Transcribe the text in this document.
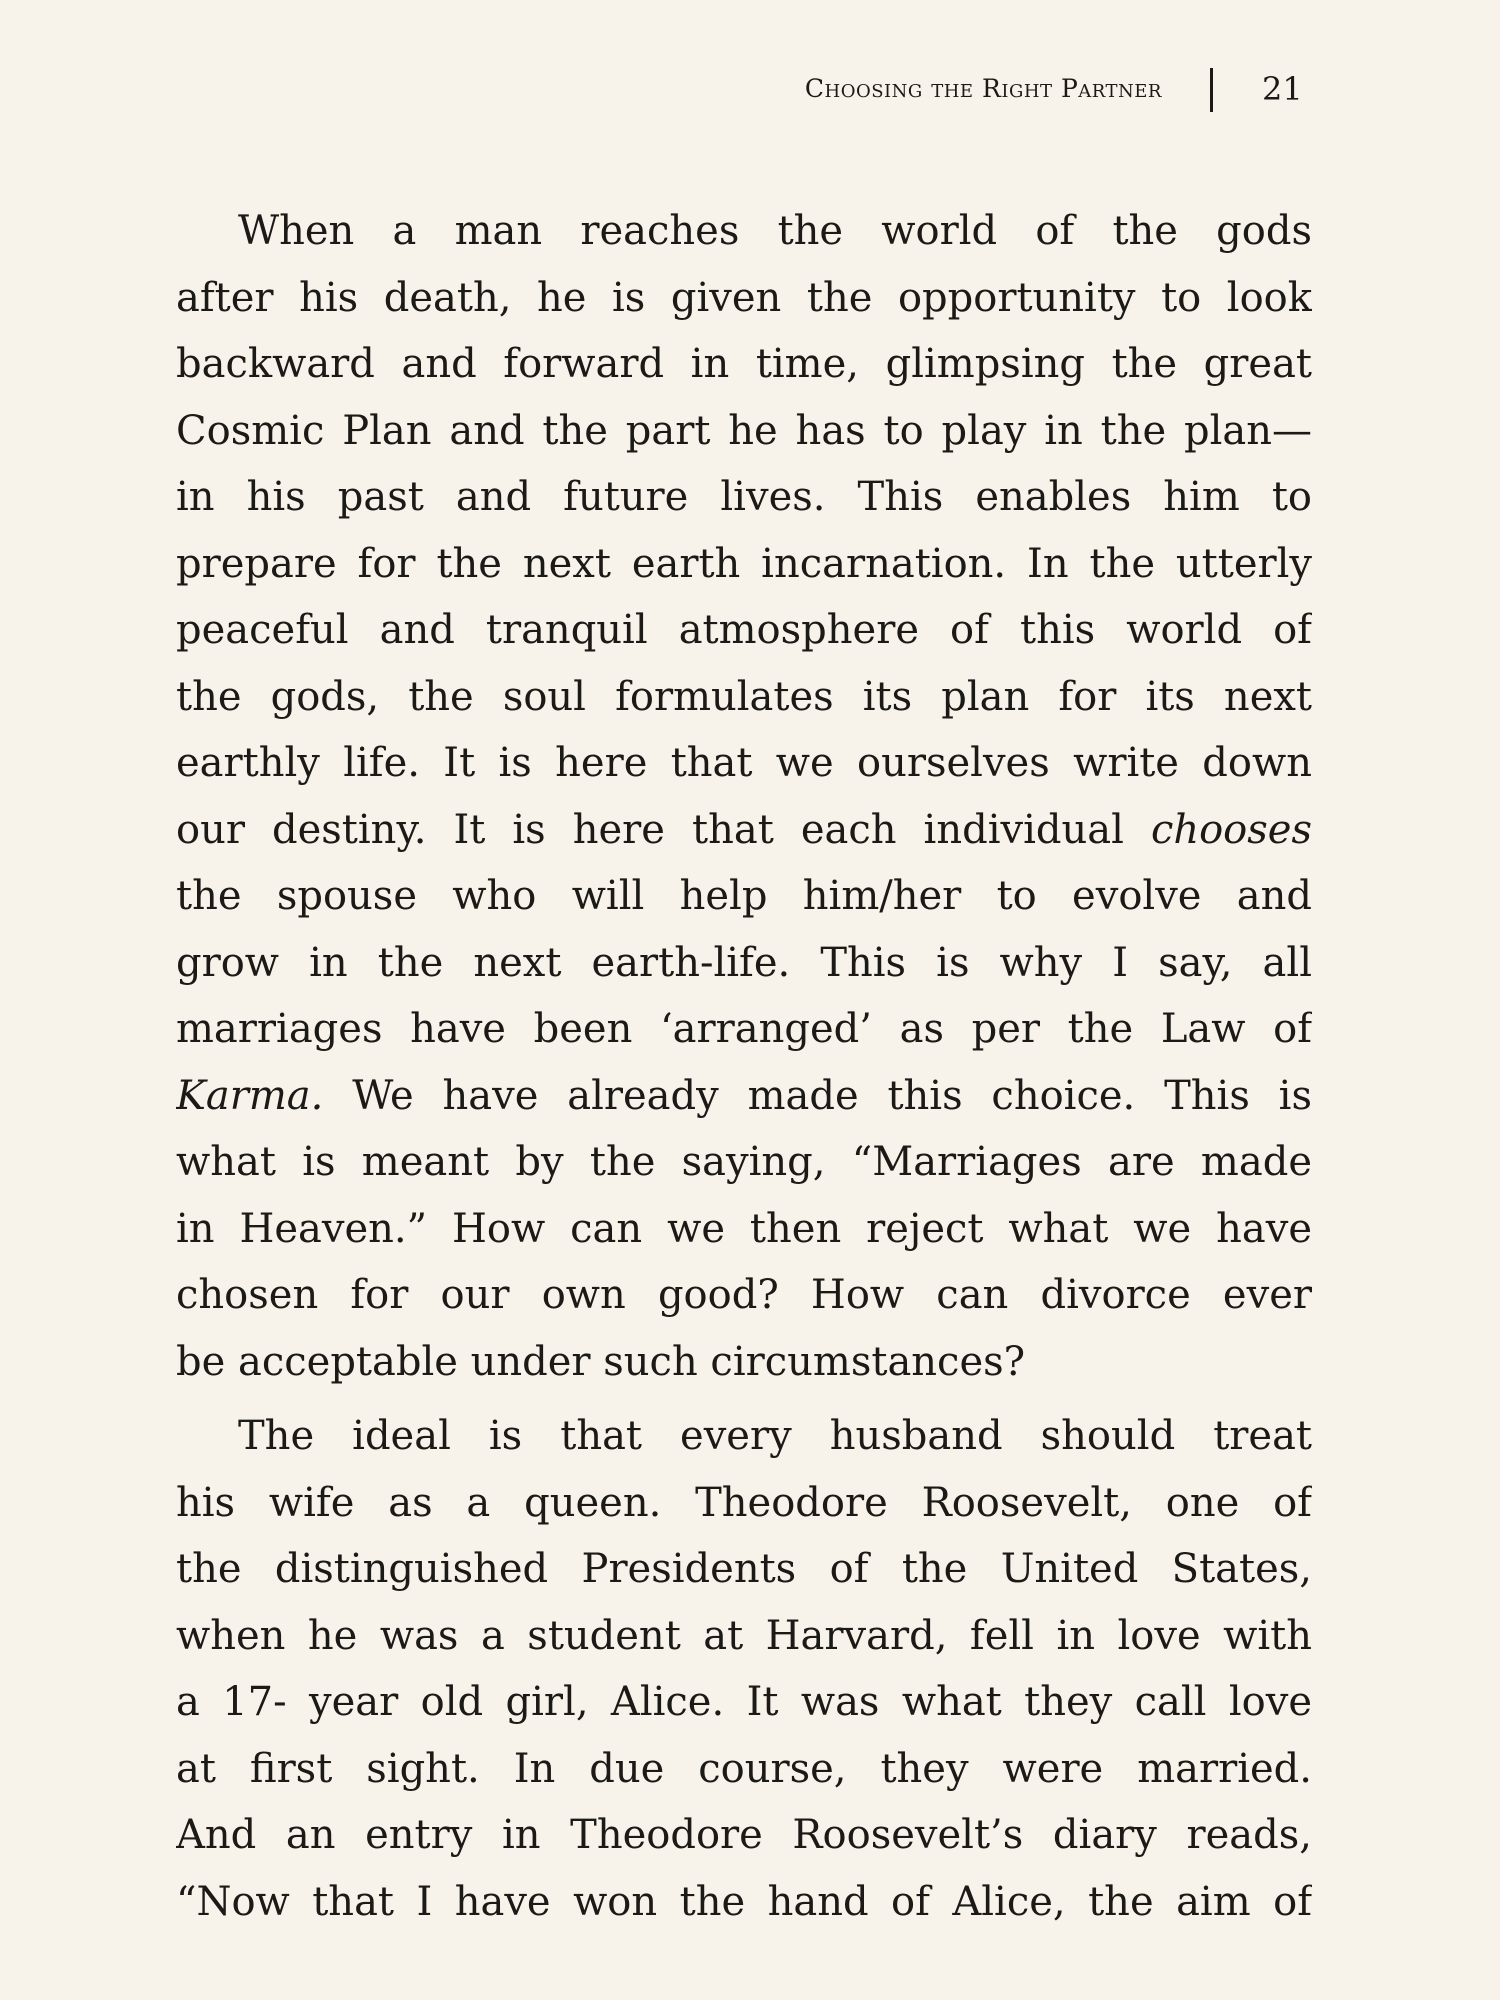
Choosing the Right Partner	21
When a man reaches the world of the gods
after his death, he is given the opportunity to look
backward and forward in time, glimpsing the great
Cosmic Plan and the part he has to play in the plan—
in his past and future lives. This enables him to
prepare for the next earth incarnation. In the utterly
peaceful and tranquil atmosphere of this world of
the gods, the soul formulates its plan for its next
earthly life. It is here that we ourselves write down
our destiny. It is here that each individual chooses
the spouse who will help him/her to evolve and
grow in the next earth-life. This is why I say, all
marriages have been ‘arranged’ as per the Law of
Karma. We have already made this choice. This is
what is meant by the saying, “Marriages are made
in Heaven.” How can we then reject what we have
chosen for our own good? How can divorce ever
be acceptable under such circumstances?
The ideal is that every husband should treat
his wife as a queen. Theodore Roosevelt, one of
the distinguished Presidents of the United States,
when he was a student at Harvard, fell in love with
a 17- year old girl, Alice. It was what they call love
at first sight. In due course, they were married.
And an entry in Theodore Roosevelt’s diary reads,
“Now that I have won the hand of Alice, the aim of
